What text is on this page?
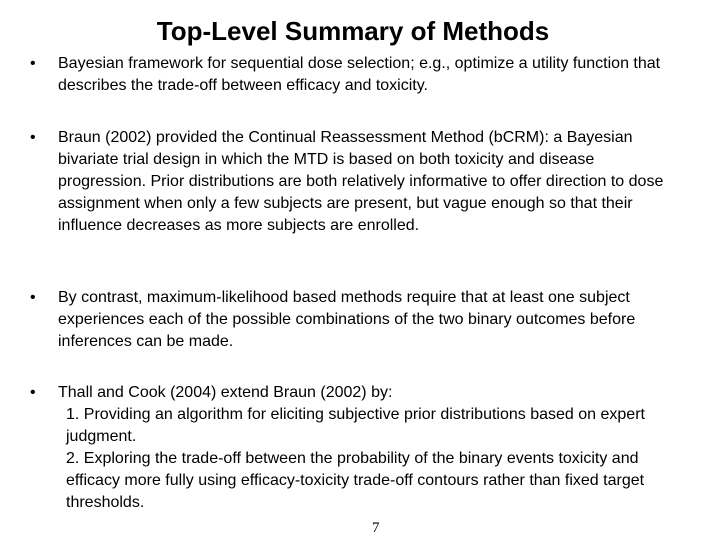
Top-Level Summary of Methods
• Bayesian framework for sequential dose selection; e.g., optimize a utility function that describes the trade-off between efficacy and toxicity.

• Braun (2002) provided the Continual Reassessment Method (bCRM): a Bayesian bivariate trial design in which the MTD is based on both toxicity and disease progression. Prior distributions are both relatively informative to offer direction to dose assignment when only a few subjects are present, but vague enough so that their influence decreases as more subjects are enrolled.

• By contrast, maximum-likelihood based methods require that at least one subject experiences each of the possible combinations of the two binary outcomes before inferences can be made.

• Thall and Cook (2004) extend Braun (2002) by:
1. Providing an algorithm for eliciting subjective prior distributions based on expert judgment.
2. Exploring the trade-off between the probability of the binary events toxicity and efficacy more fully using efficacy-toxicity trade-off contours rather than fixed target thresholds.
7
